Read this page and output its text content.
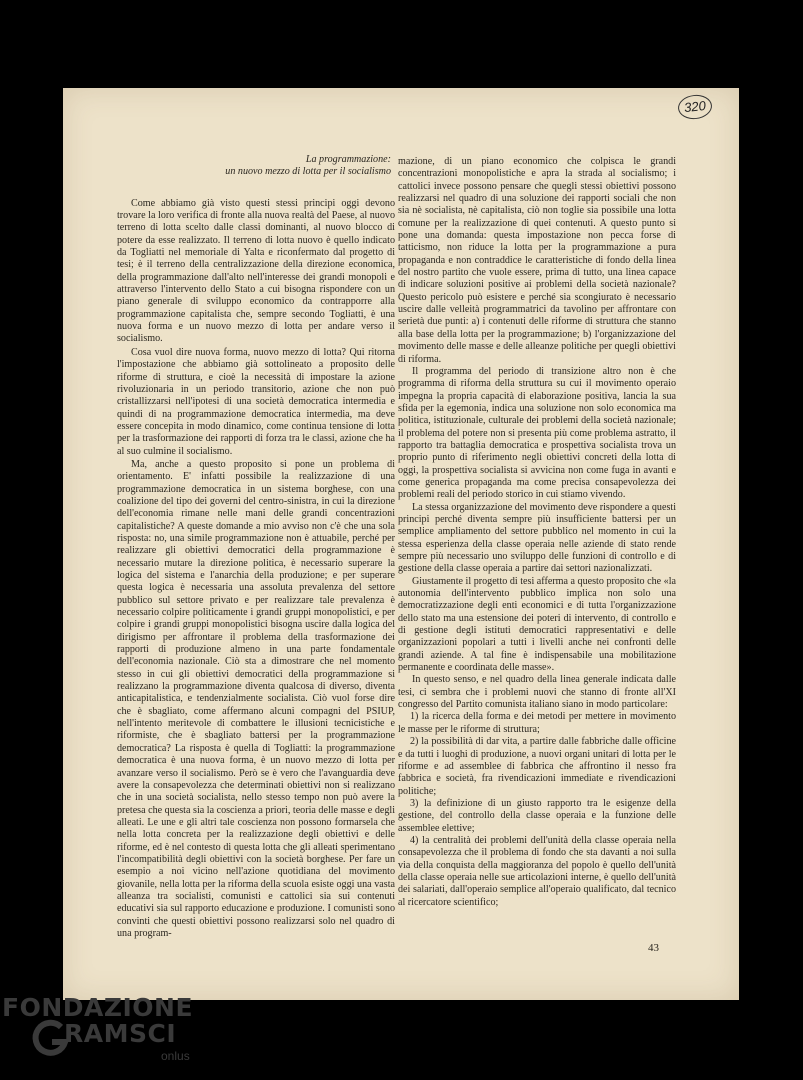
320
La programmazione:
un nuovo mezzo di lotta per il socialismo

Come abbiamo già visto questi stessi principi oggi devono trovare la loro verifica di fronte alla nuova realtà del Paese, al nuovo terreno di lotta scelto dalle classi dominanti, al nuovo blocco di potere da esse realizzato. Il terreno di lotta nuovo è quello indicato da Togliatti nel memoriale di Yalta e riconfermato dal progetto di tesi; è il terreno della centralizzazione della direzione economica, della programmazione dall'alto nell'interesse dei grandi monopoli e attraverso l'intervento dello Stato a cui bisogna rispondere con un piano generale di sviluppo economico da contrapporre alla programmazione capitalista che, sempre secondo Togliatti, è una nuova forma e un nuovo mezzo di lotta per andare verso il socialismo.

Cosa vuol dire nuova forma, nuovo mezzo di lotta? Qui ritorna l'impostazione che abbiamo già sottolineato a proposito delle riforme di struttura, e cioè la necessità di impostare la azione rivoluzionaria in un periodo transitorio, azione che non può cristallizzarsi nell'ipotesi di una società democratica intermedia e quindi di na programmazione democratica intermedia, ma deve essere concepita in modo dinamico, come continua tensione di lotta per la trasformazione dei rapporti di forza tra le classi, azione che ha al suo culmine il socialismo.

Ma, anche a questo proposito si pone un problema di orientamento. E' infatti possibile la realizzazione di una programmazione democratica in un sistema borghese, con una coalizione del tipo dei governi del centro-sinistra, in cui la direzione dell'economia rimane nelle mani delle grandi concentrazioni capitalistiche? A queste domande a mio avviso non c'è che una sola risposta: no, una simile programmazione non è attuabile, perché per realizzare gli obiettivi democratici della programmazione è necessario mutare la direzione politica, è necessario superare la logica del sistema e l'anarchia della produzione; e per superare questa logica è necessaria una assoluta prevalenza del settore pubblico sul settore privato e per realizzare tale prevalenza è necessario colpire politicamente i grandi gruppi monopolistici, e per colpire i grandi gruppi monopolistici bisogna uscire dalla logica del dirigismo per affrontare il problema della trasformazione dei rapporti di produzione almeno in una parte fondamentale dell'economia nazionale. Ciò sta a dimostrare che nel momento stesso in cui gli obiettivi democratici della programmazione si realizzano la programmazione diventa qualcosa di diverso, diventa anticapitalistica, e tendenzialmente socialista. Ciò vuol forse dire che è sbagliato, come affermano alcuni compagni del PSIUP, nell'intento meritevole di combattere le illusioni tecnicistiche e riformiste, che è sbagliato battersi per la programmazione democratica? La risposta è quella di Togliatti: la programmazione democratica è una nuova forma, è un nuovo mezzo di lotta per avanzare verso il socialismo. Però se è vero che l'avanguardia deve avere la consapevolezza che determinati obiettivi non si realizzano che in una società socialista, nello stesso tempo non può avere la pretesa che questa sia la coscienza a priori, teoria delle masse e degli alleati. Le une e gli altri tale coscienza non possono formarsela che nella lotta concreta per la realizzazione degli obiettivi e delle riforme, ed è nel contesto di questa lotta che gli alleati sperimentano l'incompatibilità degli obiettivi con la società borghese. Per fare un esempio a noi vicino nell'azione quotidiana del movimento giovanile, nella lotta per la riforma della scuola esiste oggi una vasta alleanza tra socialisti, comunisti e cattolici sia sui contenuti educativi sia sul rapporto educazione e produzione. I comunisti sono convinti che questi obiettivi possono realizzarsi solo nel quadro di una program-

mazione, di un piano economico che colpisca le grandi concentrazioni monopolistiche e apra la strada al socialismo; i cattolici invece possono pensare che quegli stessi obiettivi possono realizzarsi nel quadro di una soluzione dei rapporti sociali che non sia nè socialista, nè capitalista, ciò non toglie sia possibile una lotta comune per la realizzazione di quei contenuti. A questo punto si pone una domanda: questa impostazione non pecca forse di tatticismo, non riduce la lotta per la programmazione a pura propaganda e non contraddice le caratteristiche di fondo della linea del nostro partito che vuole essere, prima di tutto, una linea capace di indicare soluzioni positive ai problemi della società nazionale? Questo pericolo può esistere e perché sia scongiurato è necessario uscire dalle velleità programmatrici da tavolino per affrontare con serietà due punti: a) i contenuti delle riforme di struttura che stanno alla base della lotta per la programmazione; b) l'organizzazione del movimento delle masse e delle alleanze politiche per quegli obiettivi di riforma.

Il programma del periodo di transizione altro non è che programma di riforma della struttura su cui il movimento operaio impegna la propria capacità di elaborazione positiva, lancia la sua sfida per la egemonia, indica una soluzione non solo economica ma politica, istituzionale, culturale dei problemi della società nazionale; il problema del potere non si presenta più come problema astratto, il rapporto tra battaglia democratica e prospettiva socialista trova un proprio punto di riferimento negli obiettivi concreti della lotta di oggi, la prospettiva socialista si avvicina non come fuga in avanti e come generica propaganda ma come precisa consapevolezza dei problemi reali del periodo storico in cui stiamo vivendo.

La stessa organizzazione del movimento deve rispondere a questi principi perché diventa sempre più insufficiente battersi per un semplice ampliamento del settore pubblico nel momento in cui la stessa esperienza della classe operaia nelle aziende di stato rende sempre più necessario uno sviluppo delle funzioni di controllo e di gestione della classe operaia a partire dai settori nazionalizzati.

Giustamente il progetto di tesi afferma a questo proposito che «la autonomia dell'intervento pubblico implica non solo una democratizzazione degli enti economici e di tutta l'organizzazione dello stato ma una estensione dei poteri di intervento, di controllo e di gestione degli istituti democratici rappresentativi e delle organizzazioni popolari a tutti i livelli anche nei confronti delle grandi aziende. A tal fine è indispensabile una mobilitazione permanente e coordinata delle masse».

In questo senso, e nel quadro della linea generale indicata dalle tesi, ci sembra che i problemi nuovi che stanno di fronte all'XI congresso del Partito comunista italiano siano in modo particolare:

1) la ricerca della forma e dei metodi per mettere in movimento le masse per le riforme di struttura;

2) la possibilità di dar vita, a partire dalle fabbriche dalle officine e da tutti i luoghi di produzione, a nuovi organi unitari di lotta per le riforme e ad assemblee di fabbrica che affrontino il nesso fra fabbrica e società, fra rivendicazioni immediate e rivendicazioni politiche;

3) la definizione di un giusto rapporto tra le esigenze della gestione, del controllo della classe operaia e la funzione delle assemblee elettive;

4) la centralità dei problemi dell'unità della classe operaia nella consapevolezza che il problema di fondo che sta davanti a noi sulla via della conquista della maggioranza del popolo è quello dell'unità della classe operaia nelle sue articolazioni interne, è quello dell'unità dei salariati, dall'operaio semplice all'operaio qualificato, dal tecnico al ricercatore scientifico;

43
FONDAZIONE
RAMSCI
onlus
